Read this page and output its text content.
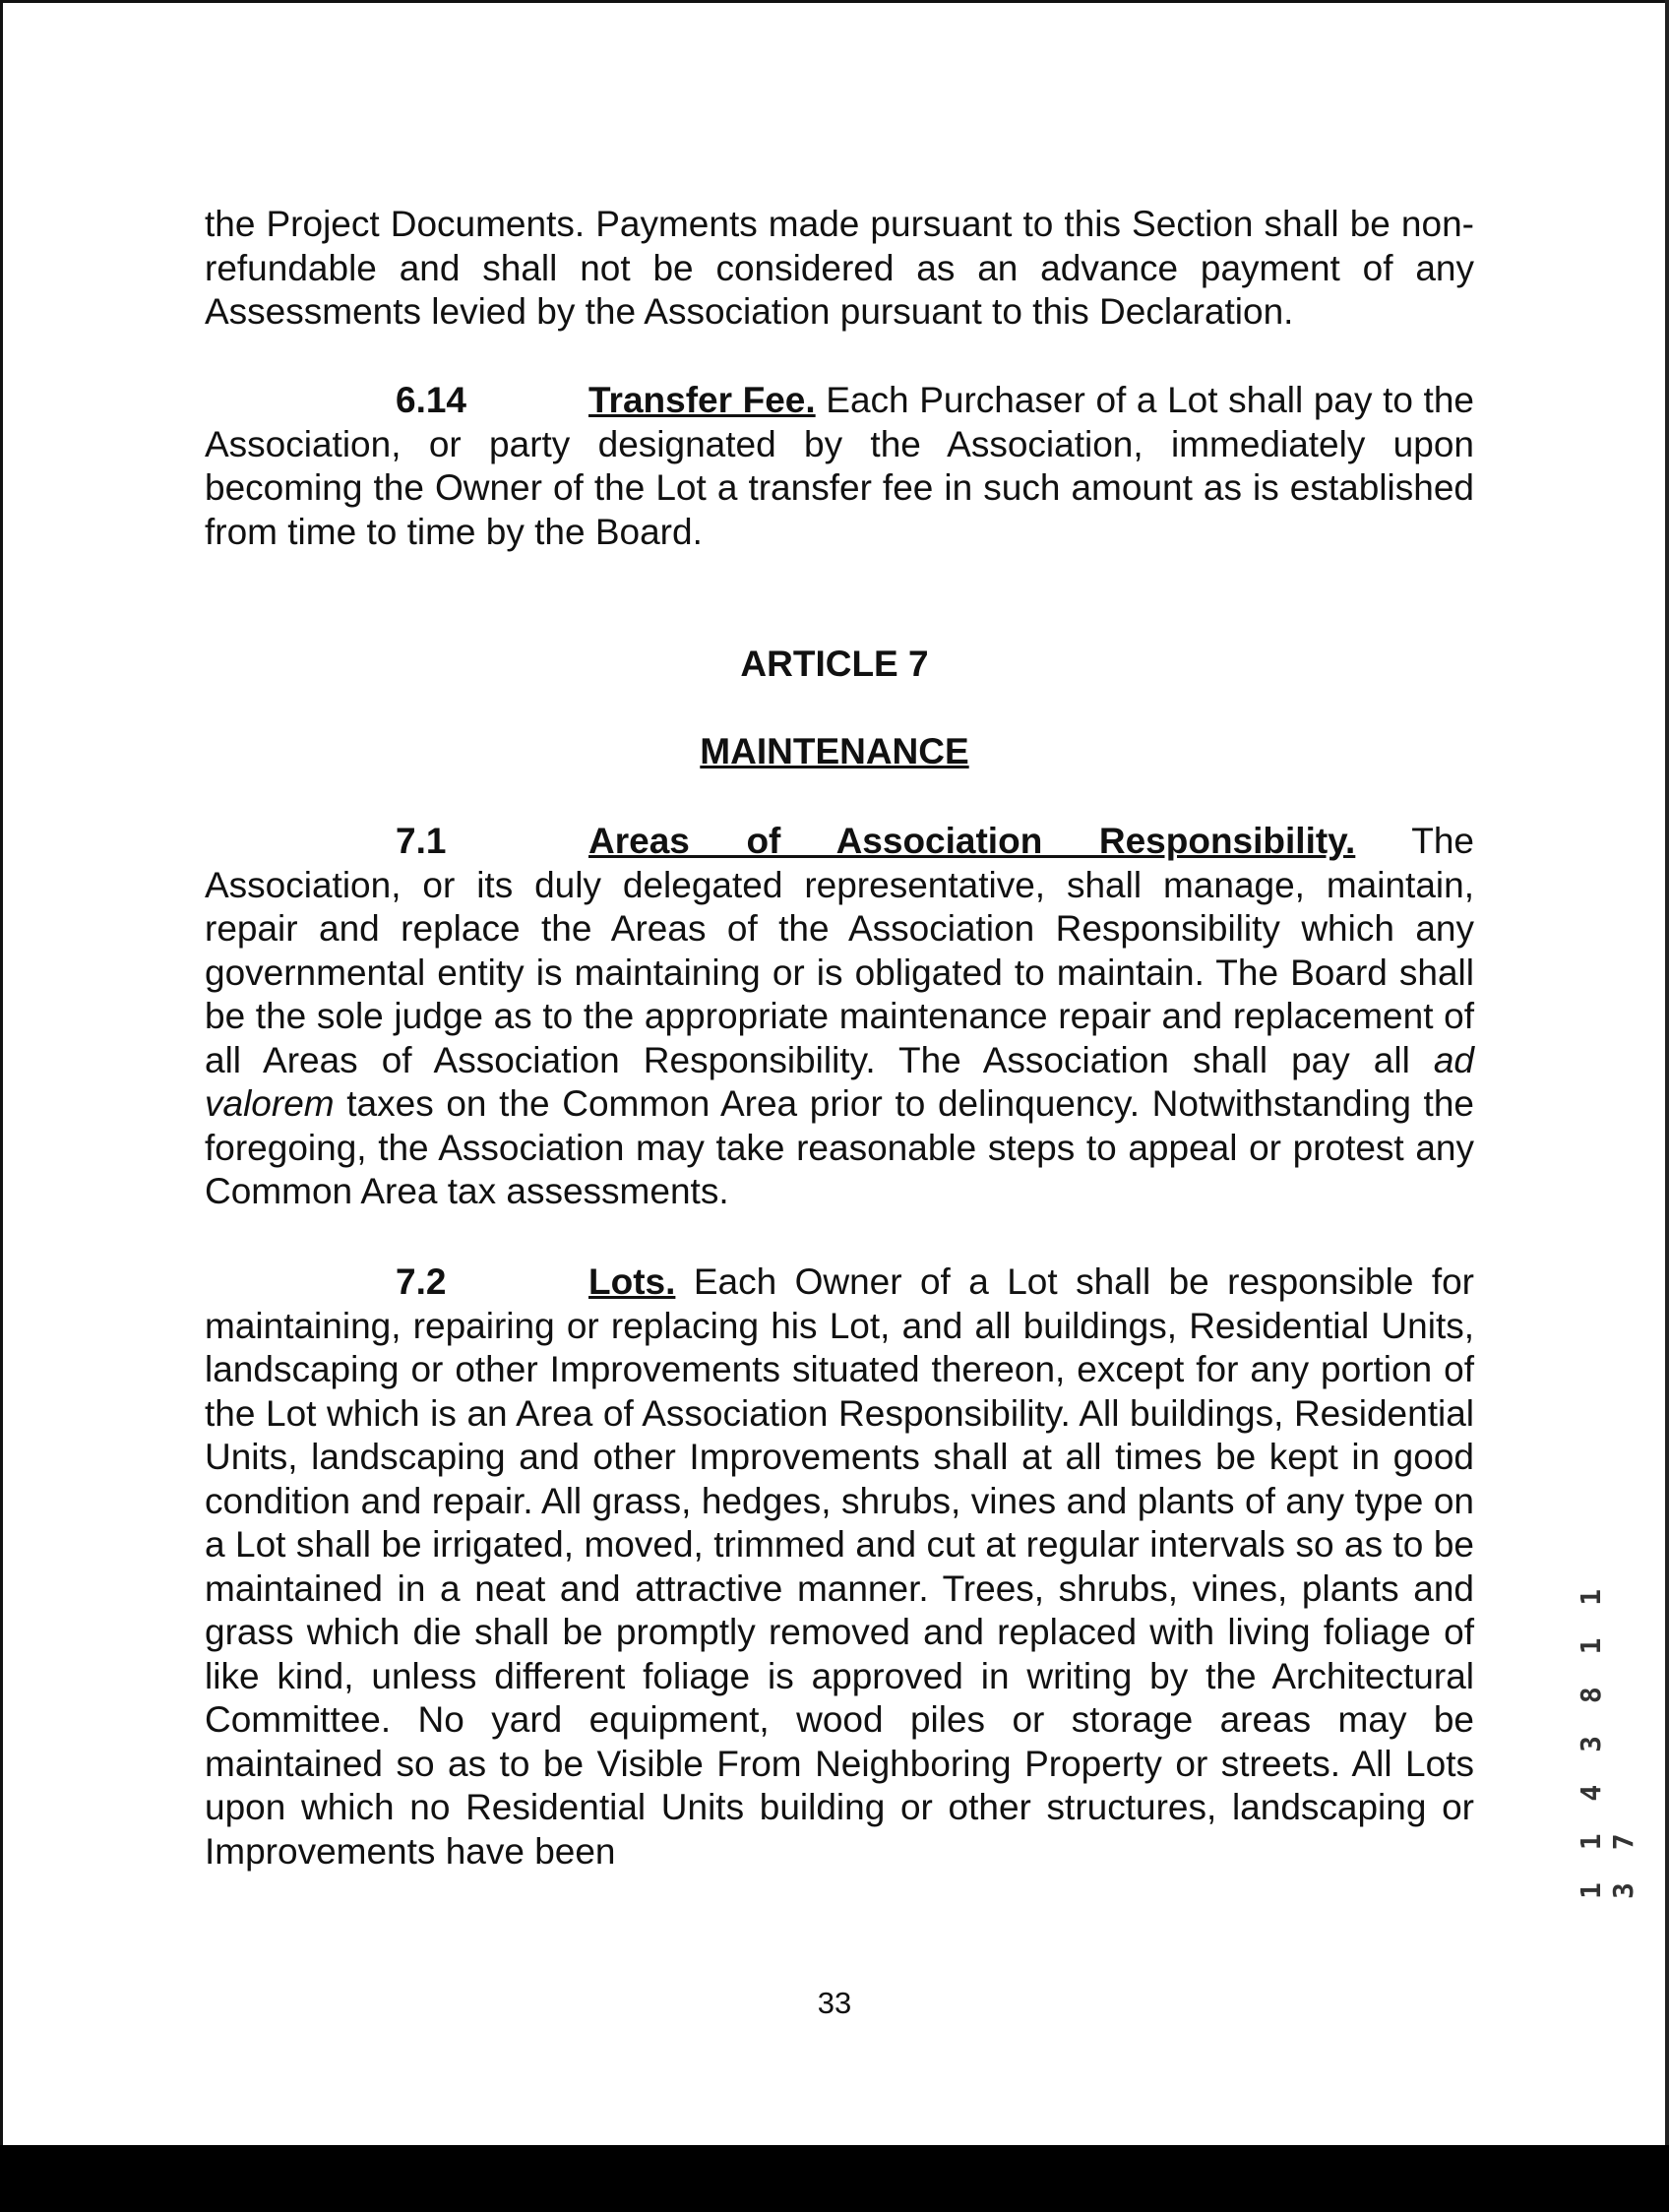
the Project Documents. Payments made pursuant to this Section shall be non-refundable and shall not be considered as an advance payment of any Assessments levied by the Association pursuant to this Declaration.

6.14	Transfer Fee. Each Purchaser of a Lot shall pay to the Association, or party designated by the Association, immediately upon becoming the Owner of the Lot a transfer fee in such amount as is established from time to time by the Board.

ARTICLE 7
MAINTENANCE

7.1	Areas of Association Responsibility. The Association, or its duly delegated representative, shall manage, maintain, repair and replace the Areas of the Association Responsibility which any governmental entity is maintaining or is obligated to maintain. The Board shall be the sole judge as to the appropriate maintenance repair and replacement of all Areas of Association Responsibility. The Association shall pay all ad valorem taxes on the Common Area prior to delinquency. Notwithstanding the foregoing, the Association may take reasonable steps to appeal or protest any Common Area tax assessments.

7.2	Lots. Each Owner of a Lot shall be responsible for maintaining, repairing or replacing his Lot, and all buildings, Residential Units, landscaping or other Improvements situated thereon, except for any portion of the Lot which is an Area of Association Responsibility. All buildings, Residential Units, landscaping and other Improvements shall at all times be kept in good condition and repair. All grass, hedges, shrubs, vines and plants of any type on a Lot shall be irrigated, moved, trimmed and cut at regular intervals so as to be maintained in a neat and attractive manner. Trees, shrubs, vines, plants and grass which die shall be promptly removed and replaced with living foliage of like kind, unless different foliage is approved in writing by the Architectural Committee. No yard equipment, wood piles or storage areas may be maintained so as to be Visible From Neighboring Property or streets. All Lots upon which no Residential Units building or other structures, landscaping or Improvements have been

33
1 1 4 3 8 1 1 3 7
